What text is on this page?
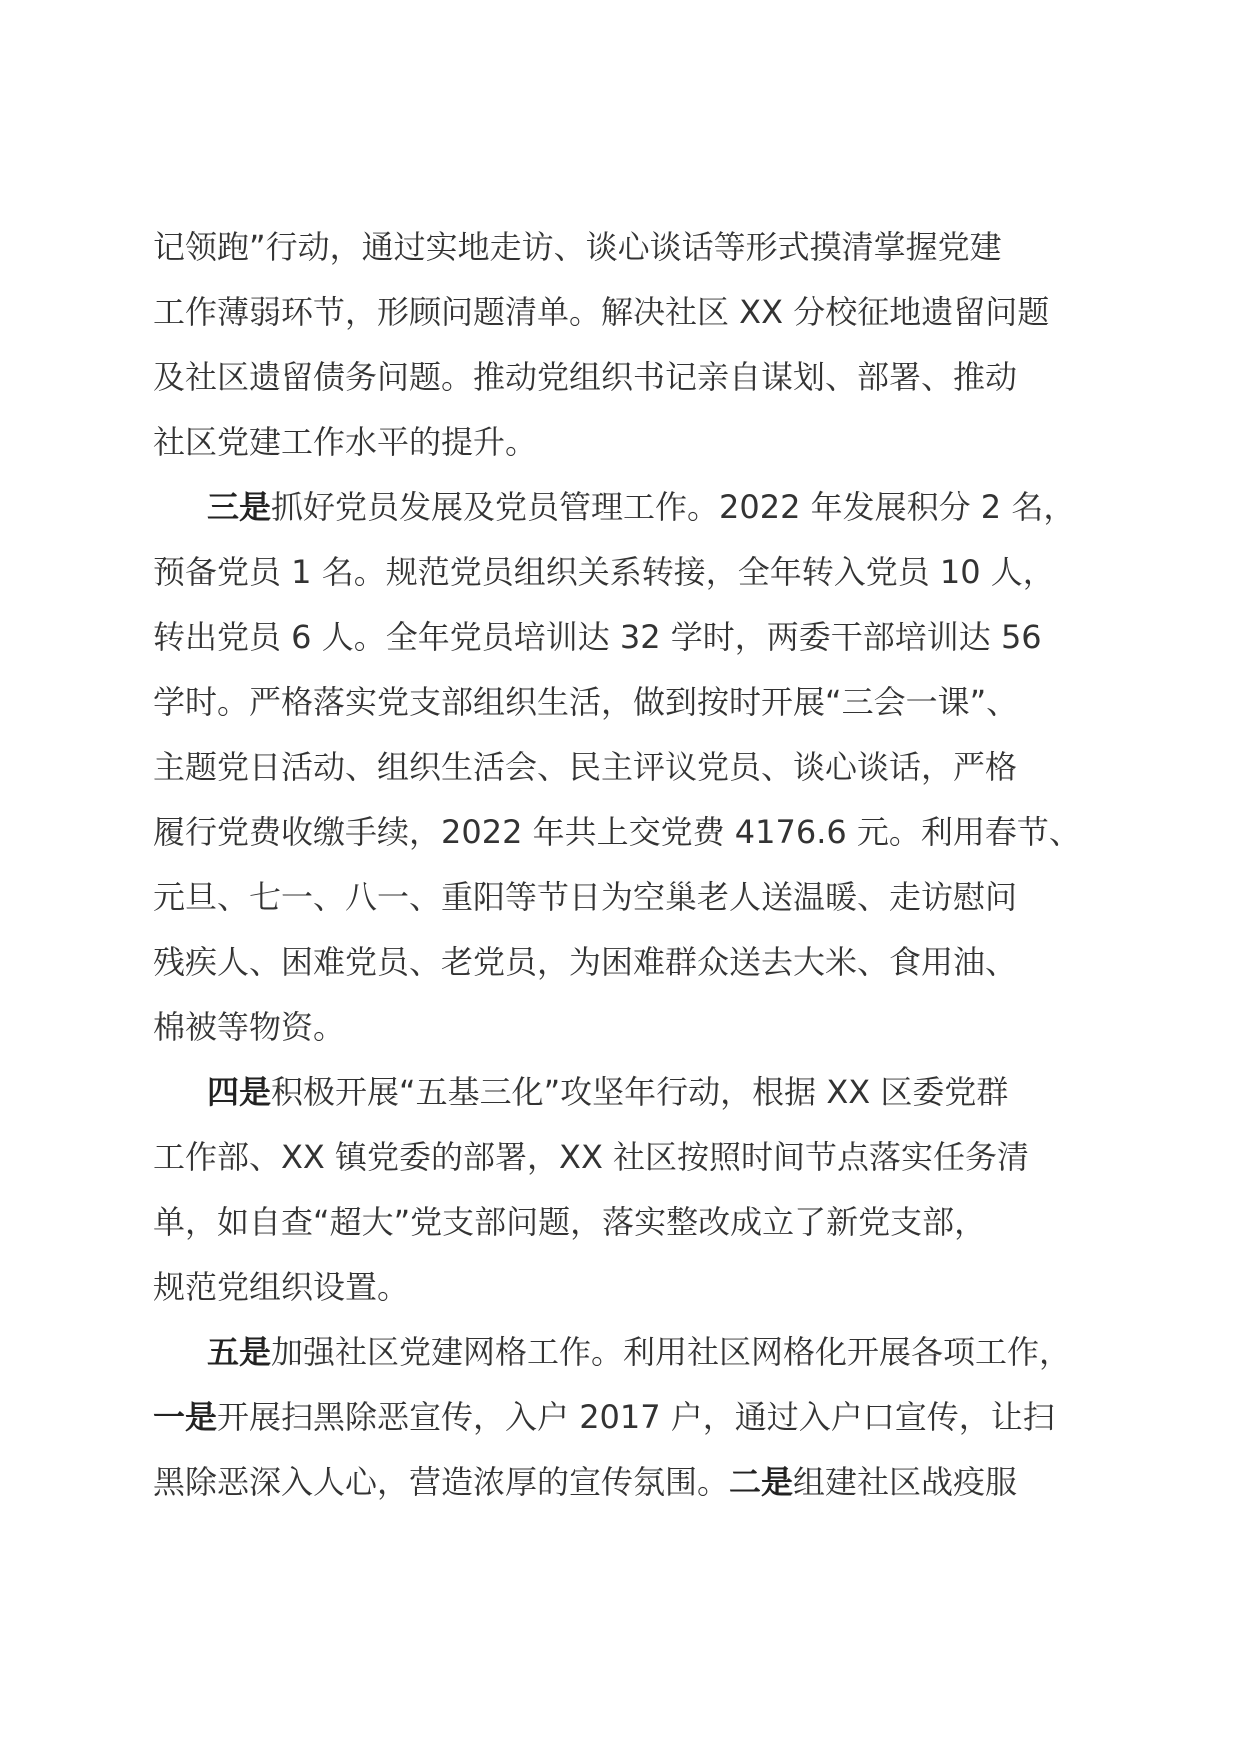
记领跑”行动，通过实地走访、谈心谈话等形式摸清掌握党建
工作薄弱环节，形顾问题清单。解决社区 XX 分校征地遗留问题
及社区遗留债务问题。推动党组织书记亲自谋划、部署、推动
社区党建工作水平的提升。
三是抓好党员发展及党员管理工作。2022 年发展积分 2 名，
预备党员 1 名。规范党员组织关系转接，全年转入党员 10 人，
转出党员 6 人。全年党员培训达 32 学时，两委干部培训达 56
学时。严格落实党支部组织生活，做到按时开展“三会一课”、
主题党日活动、组织生活会、民主评议党员、谈心谈话，严格
履行党费收缴手续，2022 年共上交党费 4176.6 元。利用春节、
元旦、七一、八一、重阳等节日为空巢老人送温暖、走访慰问
残疾人、困难党员、老党员，为困难群众送去大米、食用油、
棉被等物资。
四是积极开展“五基三化”攻坚年行动，根据 XX 区委党群
工作部、XX 镇党委的部署，XX 社区按照时间节点落实任务清
单，如自查“超大”党支部问题，落实整改成立了新党支部，
规范党组织设置。
五是加强社区党建网格工作。利用社区网格化开展各项工作，
一是开展扫黑除恶宣传，入户 2017 户，通过入户口宣传，让扫
黑除恶深入人心，营造浓厚的宣传氛围。二是组建社区战疫服
